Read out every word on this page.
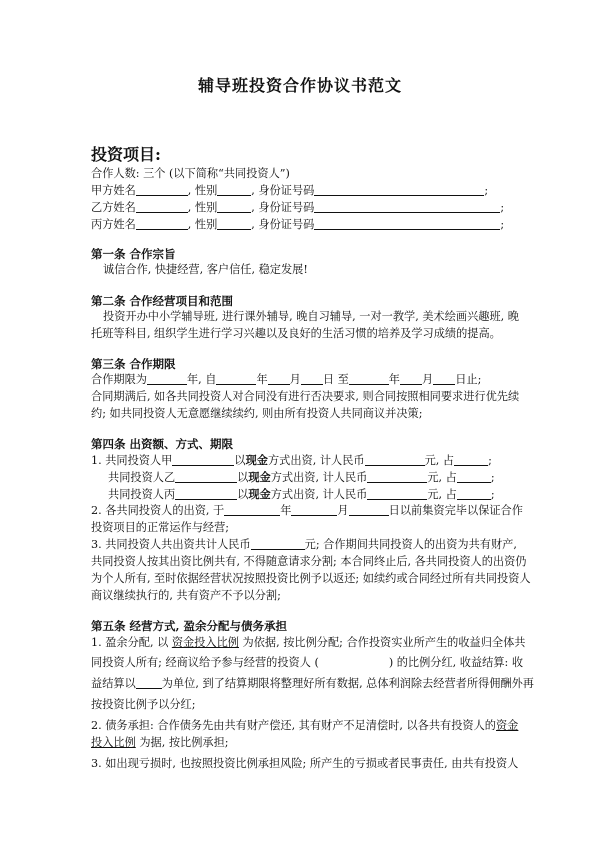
辅导班投资合作协议书范文
投资项目:
合作人数: 三个 (以下简称“共同投资人”)
甲方姓名	, 性别	, 身份证号码	;
乙方姓名	, 性别	, 身份证号码	;
丙方姓名	, 性别	, 身份证号码	;
第一条 合作宗旨
诚信合作, 快捷经营, 客户信任, 稳定发展!
第二条 合作经营项目和范围
投资开办中小学辅导班, 进行课外辅导, 晚自习辅导, 一对一教学, 美术绘画兴趣班, 晚
托班等科目, 组织学生进行学习兴趣以及良好的生活习惯的培养及学习成绩的提高。
第三条 合作期限
合作期限为	年, 自	年 月 日 至	年 月 日止;
合同期满后, 如各共同投资人对合同没有进行否决要求, 则合同按照相同要求进行优先续
约; 如共同投资人无意愿继续续约, 则由所有投资人共同商议并决策;
第四条 出资额、方式、期限
1. 共同投资人甲	以现金方式出资, 计人民币	元, 占	;
共同投资人乙	以现金方式出资, 计人民币	元, 占	;
共同投资人丙	以现金方式出资, 计人民币	元, 占	;
2. 各共同投资人的出资, 于	年	月	日以前集资完毕以保证合作
投资项目的正常运作与经营;
3. 共同投资人共出资共计人民币	元; 合作期间共同投资人的出资为共有财产,
共同投资人按其出资比例共有, 不得随意请求分割; 本合同终止后, 各共同投资人的出资仍
为个人所有, 至时依据经营状况按照投资比例予以返还; 如续约或合同经过所有共同投资人
商议继续执行的, 共有资产不予以分割;
第五条 经营方式, 盈余分配与债务承担
1. 盈余分配, 以 资金投入比例 为依据, 按比例分配; 合作投资实业所产生的收益归全体共
同投资人所有; 经商议给予参与经营的投资人 (	) 的比例分红, 收益结算: 收
益结算以 为单位, 到了结算期限将整理好所有数据, 总体利润除去经营者所得佣酬外再
按投资比例予以分红;
2. 债务承担: 合作债务先由共有财产偿还, 其有财产不足清偿时, 以各共有投资人的资金
投入比例 为据, 按比例承担;
3. 如出现亏损时, 也按照投资比例承担风险; 所产生的亏损或者民事责任, 由共有投资人
